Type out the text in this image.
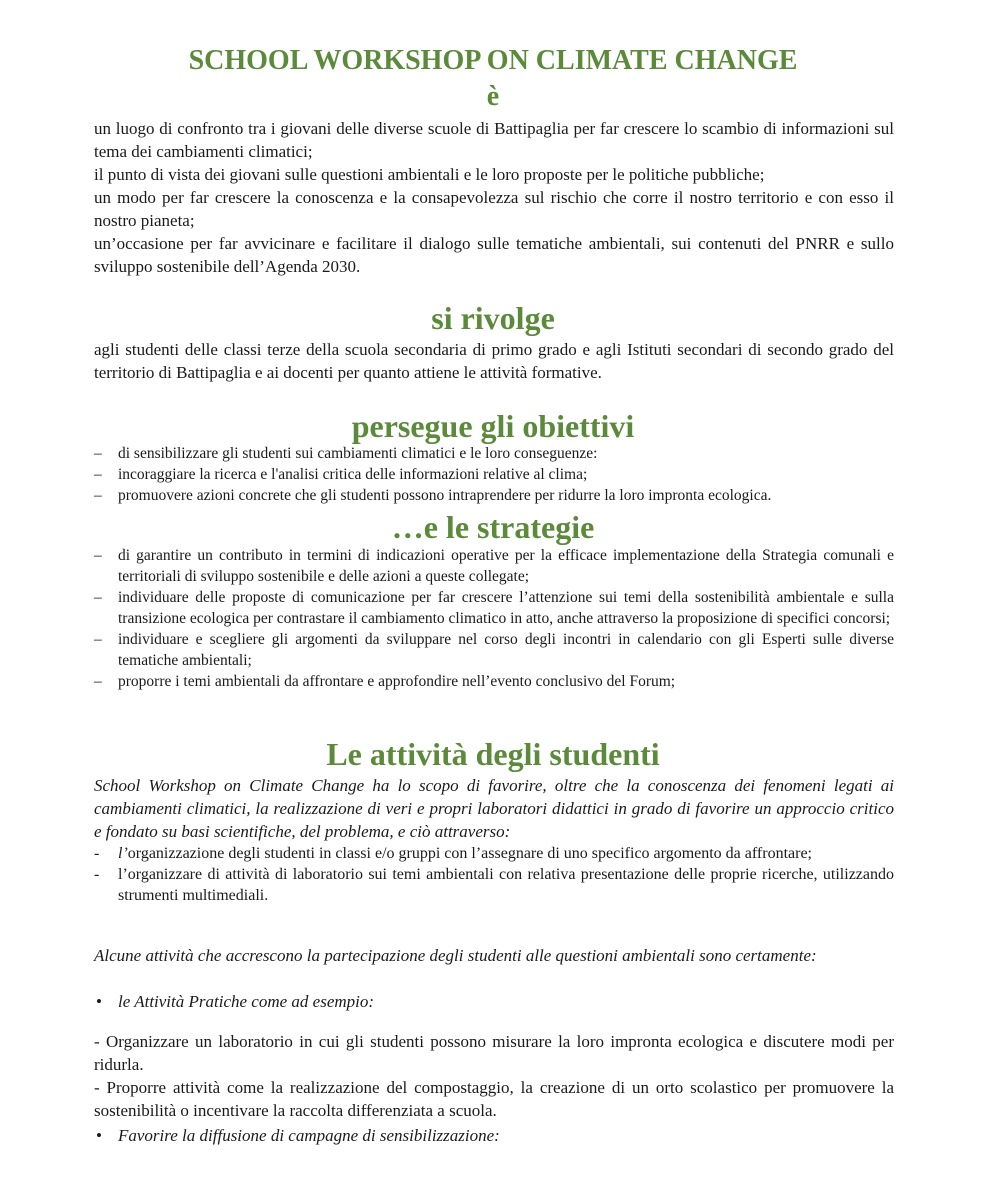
SCHOOL WORKSHOP ON CLIMATE CHANGE
è

un luogo di confronto tra i giovani delle diverse scuole di Battipaglia per far crescere lo scambio di informazioni sul tema dei cambiamenti climatici;

il punto di vista dei giovani sulle questioni ambientali e le loro proposte per le politiche pubbliche;

un modo per far crescere la conoscenza e la consapevolezza sul rischio che corre il nostro territorio e con esso il nostro pianeta;

un’occasione per far avvicinare e facilitare il dialogo sulle tematiche ambientali, sui contenuti del PNRR e sullo sviluppo sostenibile dell’Agenda 2030.

si rivolge
agli studenti delle classi terze della scuola secondaria di primo grado e agli Istituti secondari di secondo grado del territorio di Battipaglia e ai docenti per quanto attiene le attività formative.
persegue gli obiettivi
–	di sensibilizzare gli studenti sui cambiamenti climatici e le loro conseguenze:
–	incoraggiare la ricerca e l'analisi critica delle informazioni relative al clima;
–	promuovere azioni concrete che gli studenti possono intraprendere per ridurre la loro impronta ecologica.
…e le strategie
–	di garantire un contributo in termini di indicazioni operative per la efficace implementazione della Strategia comunali e territoriali di sviluppo sostenibile e delle azioni a queste collegate;
–	individuare delle proposte di comunicazione per far crescere l’attenzione sui temi della sostenibilità ambientale e sulla transizione ecologica per contrastare il cambiamento climatico in atto, anche attraverso la proposizione di specifici concorsi;
–	individuare e scegliere gli argomenti da sviluppare nel corso degli incontri in calendario con gli Esperti sulle diverse tematiche ambientali;
–	proporre i temi ambientali da affrontare e approfondire nell’evento conclusivo del Forum;
Le attività degli studenti
School Workshop on Climate Change ha lo scopo di favorire, oltre che la conoscenza dei fenomeni legati ai cambiamenti climatici, la realizzazione di veri e propri laboratori didattici in grado di favorire un approccio critico e fondato su basi scientifiche, del problema, e ciò attraverso:
-	l’organizzazione degli studenti in classi e/o gruppi con l’assegnare di uno specifico argomento da affrontare;
-	l’organizzare di attività di laboratorio sui temi ambientali con relativa presentazione delle proprie ricerche, utilizzando strumenti multimediali.
Alcune attività che accrescono la partecipazione degli studenti alle questioni ambientali sono certamente:
• le Attività Pratiche come ad esempio:

- Organizzare un laboratorio in cui gli studenti possono misurare la loro impronta ecologica e discutere modi per ridurla.

- Proporre attività come la realizzazione del compostaggio, la creazione di un orto scolastico per promuovere la sostenibilità o incentivare la raccolta differenziata a scuola.

• Favorire la diffusione di campagne di sensibilizzazione:
